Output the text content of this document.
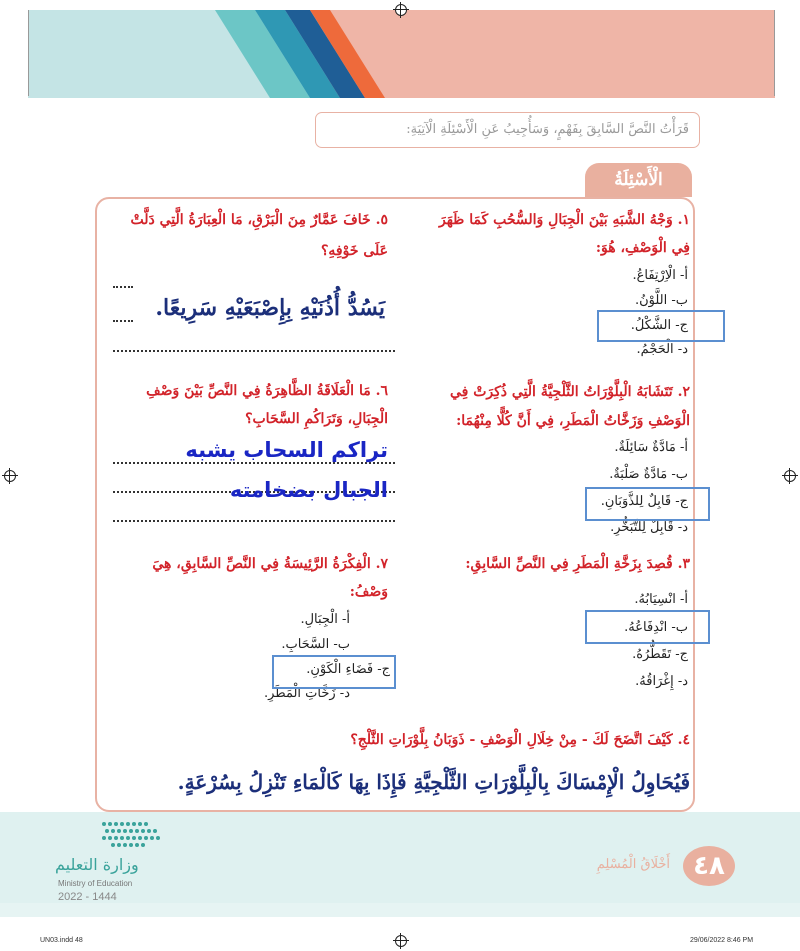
قَرَأْتُ النَّصَّ السَّابِقَ بِفَهْمٍ، وَسَأُجِيبُ عَنِ الْأَسْئِلَةِ الْآتِيَةِ:
الْأَسْئِلَةُ
١. وَجْهُ الشَّبَهِ بَيْنَ الْجِبَالِ وَالسُّحُبِ كَمَا ظَهَرَ
فِي الْوَصْفِ، هُوَ:
أ- الْاِرْتِفَاعُ.
ب- اللَّوْنُ.
ج- الشَّكْلُ.
د- الْحَجْمُ.
٢. تَتَشَابَهُ الْبِلَّوْرَاتُ الثَّلْجِيَّةُ الَّتِي ذُكِرَتْ فِي
الْوَصْفِ وَزَخَّاتُ الْمَطَرِ، فِي أَنَّ كُلًّا مِنْهُمَا:
أ- مَادَّةٌ سَائِلَةٌ.
ب- مَادَّةٌ صَلْبَةٌ.
ج- قَابِلٌ لِلذَّوَبَانِ.
د- قَابِلٌ لِلتَّبَخُّرِ.
٣. قُصِدَ بِزَخَّةِ الْمَطَرِ فِي النَّصِّ السَّابِقِ:
أ- انْسِيَابُهُ.
ب- انْدِفَاعُهُ.
ج- تَقَطُّرُهُ.
د- إِغْرَاقُهُ.
٥. خَافَ عَمَّارٌ مِنَ الْبَرْقِ، مَا الْعِبَارَةُ الَّتِي دَلَّتْ
عَلَى خَوْفِهِ؟
يَسُدُّ أُذُنَيْهِ بِإِصْبَعَيْهِ سَرِيعًا.
٦. مَا الْعَلَاقَةُ الظَّاهِرَةُ فِي النَّصِّ بَيْنَ وَصْفِ
الْجِبَالِ، وَتَرَاكُمِ السَّحَابِ؟
تراكم السحاب يشبه
الجبال بضخامته
٧. الْفِكْرَةُ الرَّئِيسَةُ فِي النَّصِّ السَّابِقِ، هِيَ
وَصْفُ:
أ- الْجِبَالِ.
ب- السَّحَابِ.
ج- فَضَاءِ الْكَوْنِ.
د- زَخَّاتِ الْمَطَرِ.
٤. كَيْفَ اتَّضَحَ لَكَ - مِنْ خِلَالِ الْوَصْفِ - ذَوَبَانُ بِلَّوْرَاتِ الثَّلْجِ؟
فَيُحَاوِلُ الْإِمْسَاكَ بِالْبِلَّوْرَاتِ الثَّلْجِيَّةِ فَإِذَا بِهَا كَالْمَاءِ تَنْزِلُ بِسُرْعَةٍ.
وزارة التعليم
Ministry of Education
2022 - 1444
أَخْلَاقُ الْمُسْلِمِ ٤٨
UN03.indd 48	29/06/2022 8:46 PM
